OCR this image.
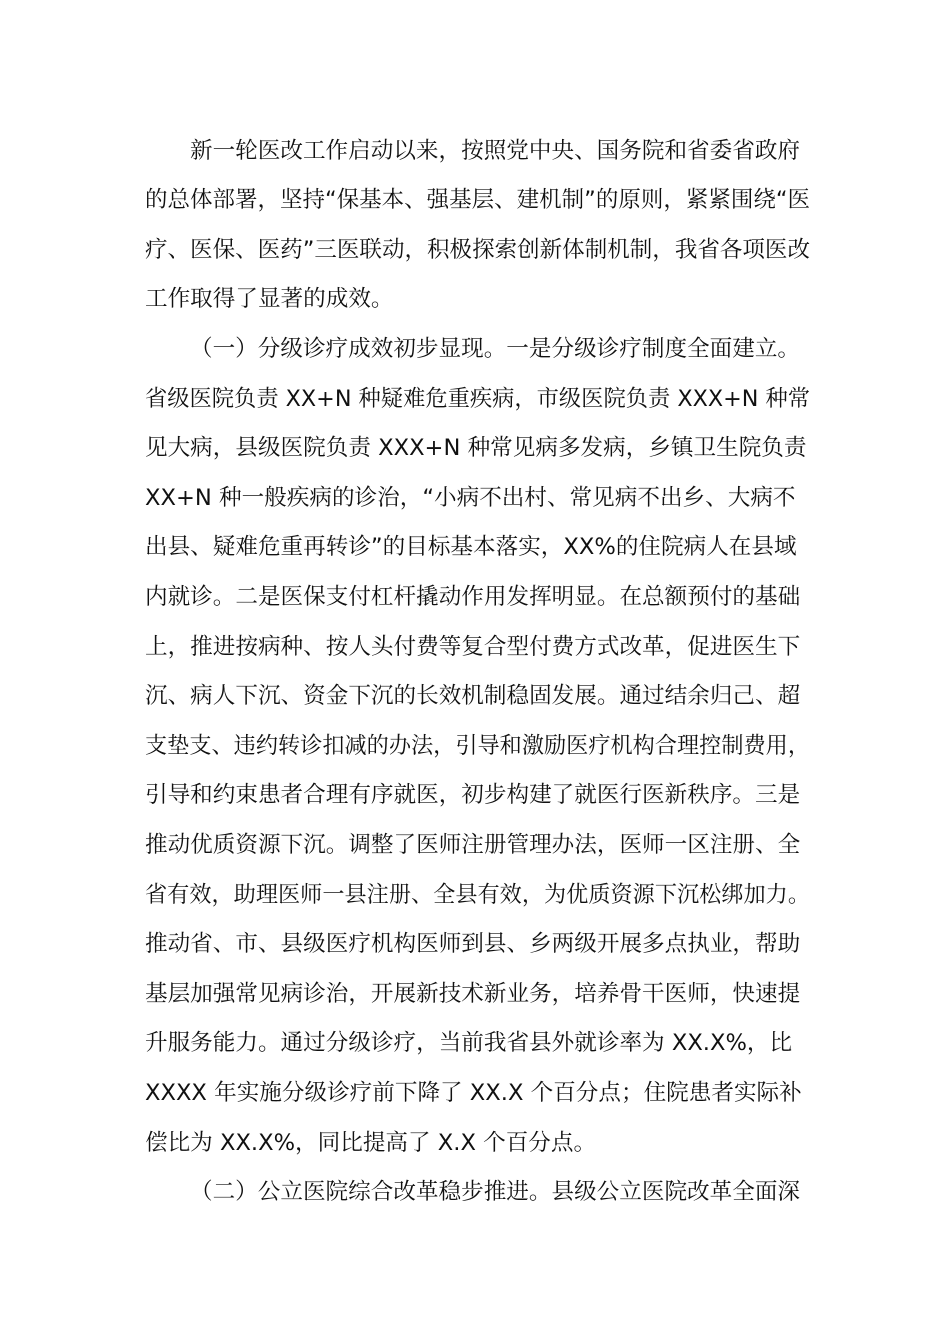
新一轮医改工作启动以来，按照党中央、国务院和省委省政府
的总体部署，坚持“保基本、强基层、建机制”的原则，紧紧围绕“医
疗、医保、医药”三医联动，积极探索创新体制机制，我省各项医改
工作取得了显著的成效。
（一）分级诊疗成效初步显现。一是分级诊疗制度全面建立。
省级医院负责 XX+N 种疑难危重疾病，市级医院负责 XXX+N 种常
见大病，县级医院负责 XXX+N 种常见病多发病，乡镇卫生院负责
XX+N 种一般疾病的诊治，“小病不出村、常见病不出乡、大病不
出县、疑难危重再转诊”的目标基本落实，XX%的住院病人在县域
内就诊。二是医保支付杠杆撬动作用发挥明显。在总额预付的基础
上，推进按病种、按人头付费等复合型付费方式改革，促进医生下
沉、病人下沉、资金下沉的长效机制稳固发展。通过结余归己、超
支垫支、违约转诊扣减的办法，引导和激励医疗机构合理控制费用，
引导和约束患者合理有序就医，初步构建了就医行医新秩序。三是
推动优质资源下沉。调整了医师注册管理办法，医师一区注册、全
省有效，助理医师一县注册、全县有效，为优质资源下沉松绑加力。
推动省、市、县级医疗机构医师到县、乡两级开展多点执业，帮助
基层加强常见病诊治，开展新技术新业务，培养骨干医师，快速提
升服务能力。通过分级诊疗，当前我省县外就诊率为 XX.X%，比
XXXX 年实施分级诊疗前下降了 XX.X 个百分点；住院患者实际补
偿比为 XX.X%，同比提高了 X.X 个百分点。
（二）公立医院综合改革稳步推进。县级公立医院改革全面深
